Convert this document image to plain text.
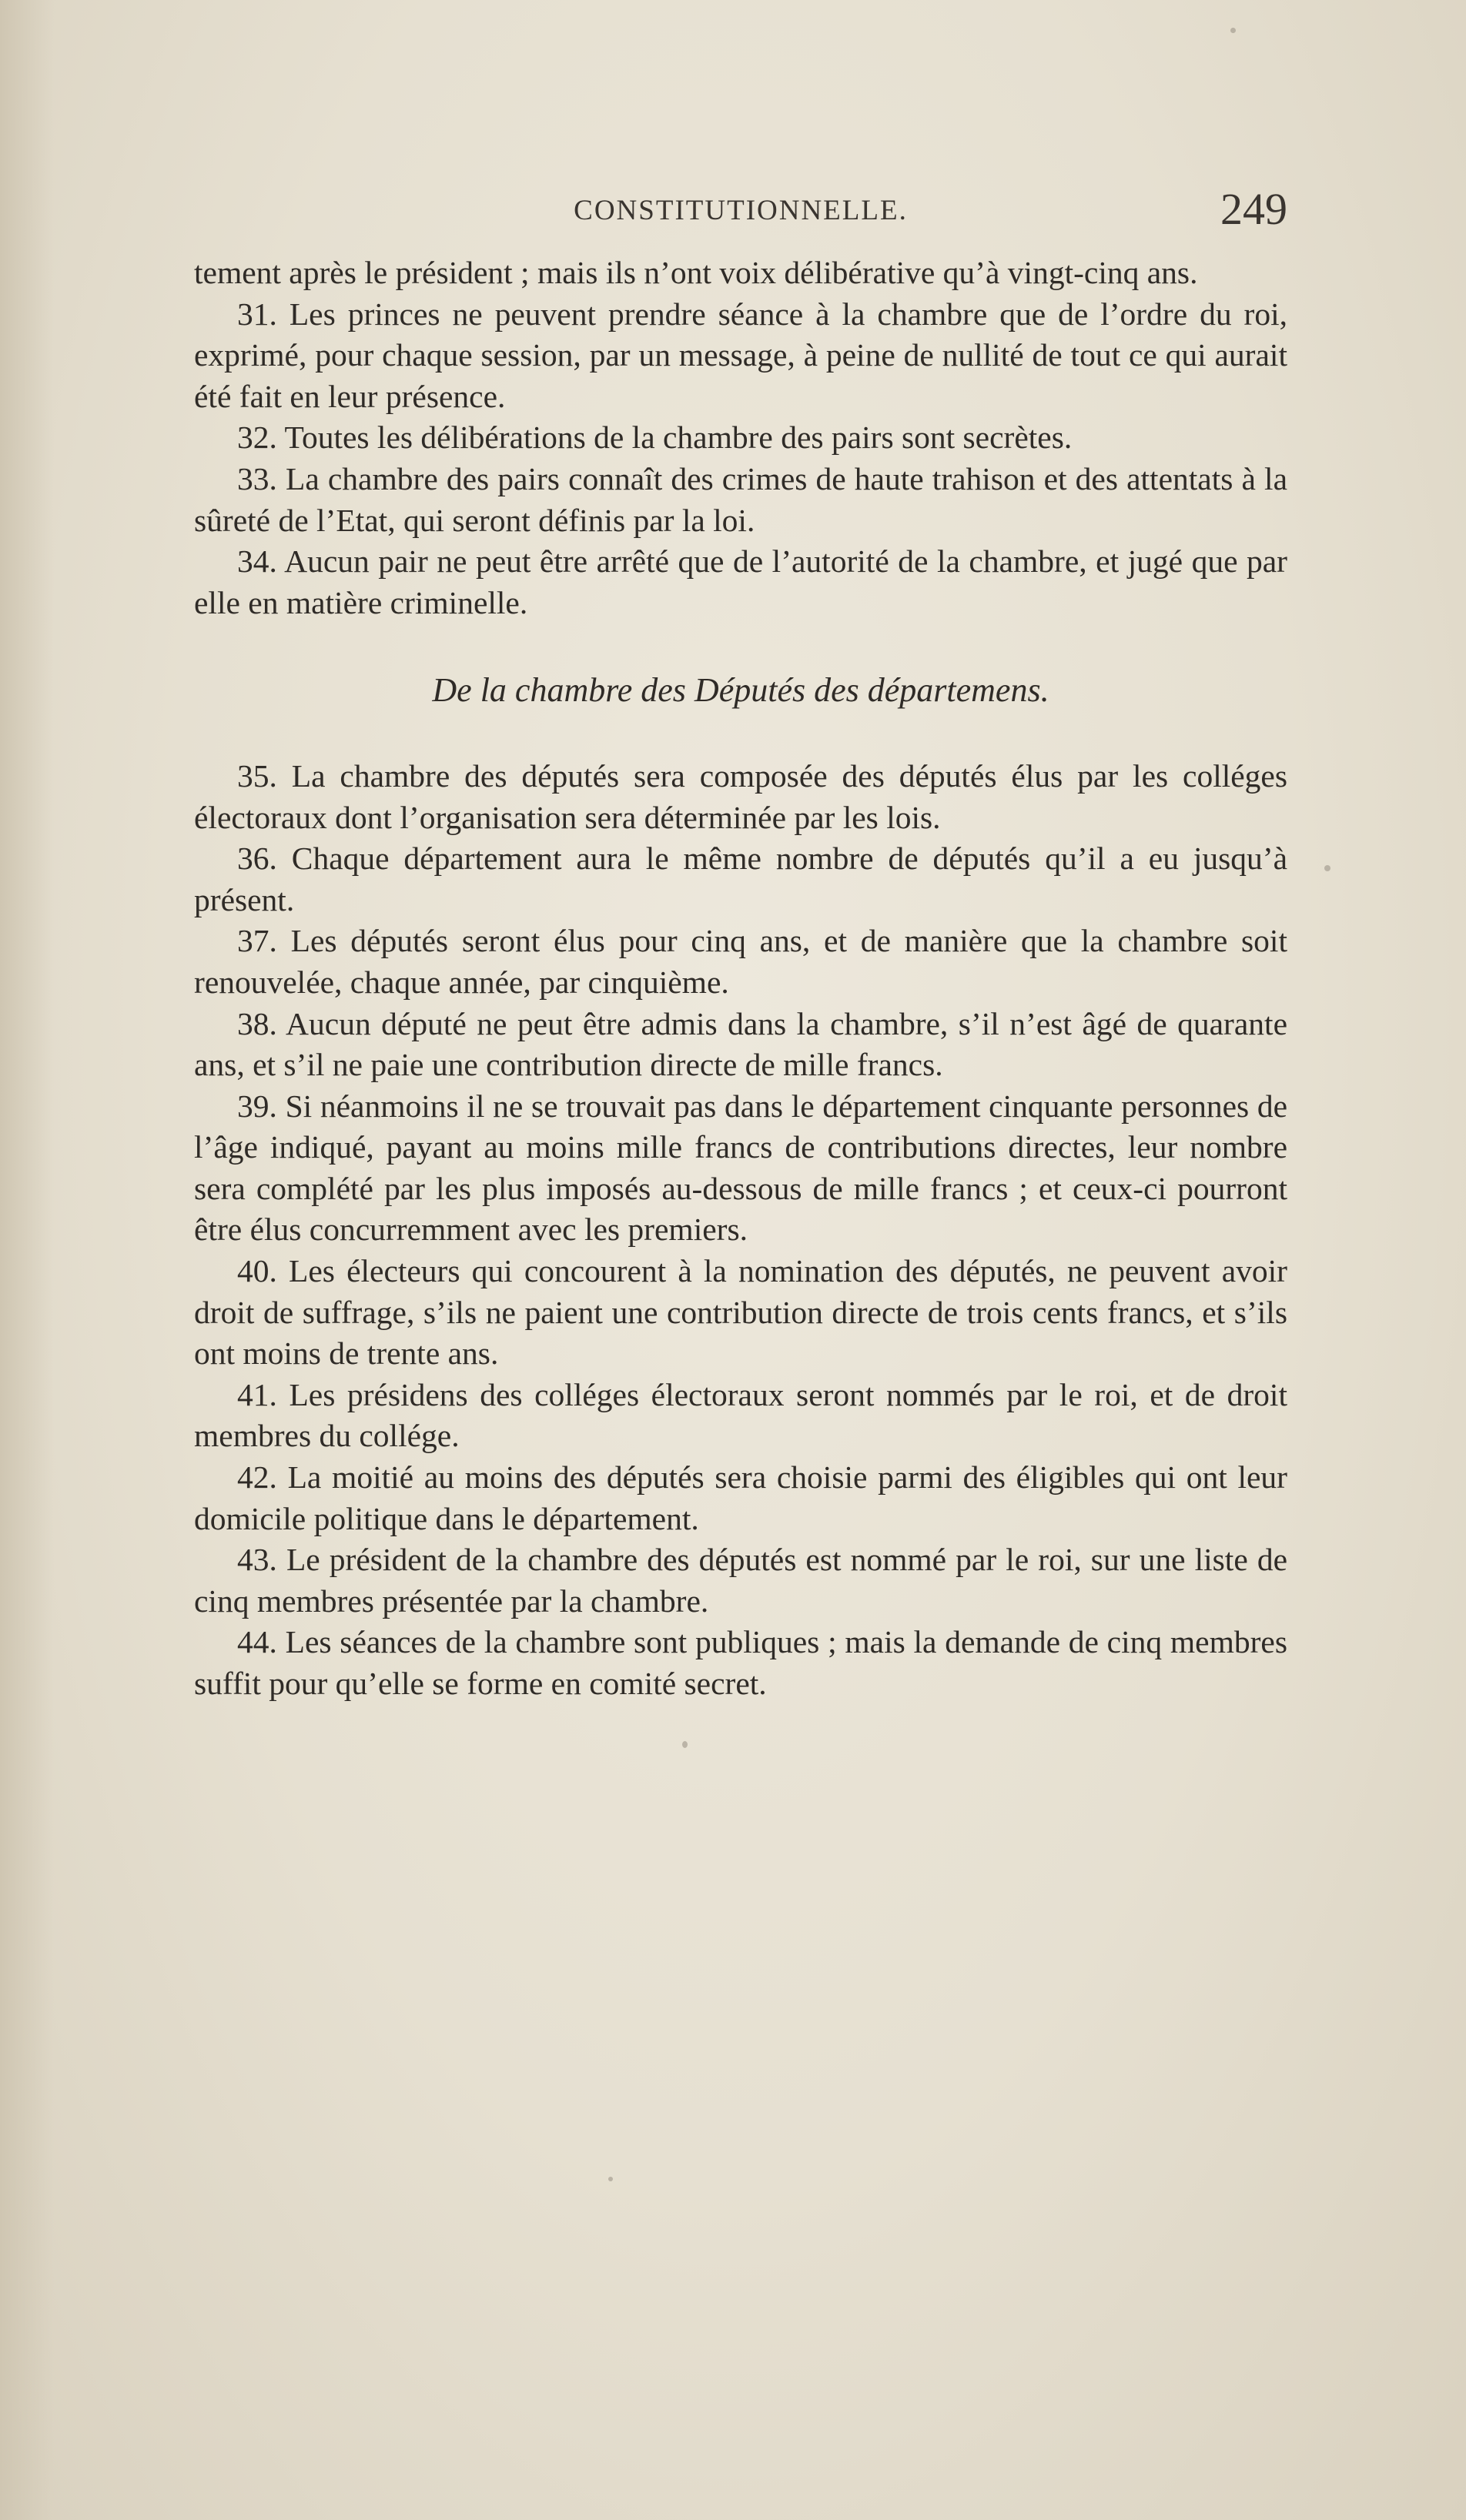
CONSTITUTIONNELLE.	249

tement après le président ; mais ils n’ont voix délibérative qu’à vingt-cinq ans.

31. Les princes ne peuvent prendre séance à la chambre que de l’ordre du roi, exprimé, pour chaque session, par un message, à peine de nullité de tout ce qui aurait été fait en leur présence.

32. Toutes les délibérations de la chambre des pairs sont secrètes.

33. La chambre des pairs connaît des crimes de haute trahison et des attentats à la sûreté de l’Etat, qui seront définis par la loi.

34. Aucun pair ne peut être arrêté que de l’autorité de la chambre, et jugé que par elle en matière criminelle.

De la chambre des Députés des départemens.

35. La chambre des députés sera composée des députés élus par les colléges électoraux dont l’organisation sera déterminée par les lois.

36. Chaque département aura le même nombre de députés qu’il a eu jusqu’à présent.

37. Les députés seront élus pour cinq ans, et de manière que la chambre soit renouvelée, chaque année, par cinquième.

38. Aucun député ne peut être admis dans la chambre, s’il n’est âgé de quarante ans, et s’il ne paie une contribution directe de mille francs.

39. Si néanmoins il ne se trouvait pas dans le département cinquante personnes de l’âge indiqué, payant au moins mille francs de contributions directes, leur nombre sera complété par les plus imposés au-dessous de mille francs ; et ceux-ci pourront être élus concurremment avec les premiers.

40. Les électeurs qui concourent à la nomination des députés, ne peuvent avoir droit de suffrage, s’ils ne paient une contribution directe de trois cents francs, et s’ils ont moins de trente ans.

41. Les présidens des colléges électoraux seront nommés par le roi, et de droit membres du collége.

42. La moitié au moins des députés sera choisie parmi des éligibles qui ont leur domicile politique dans le département.

43. Le président de la chambre des députés est nommé par le roi, sur une liste de cinq membres présentée par la chambre.

44. Les séances de la chambre sont publiques ; mais la demande de cinq membres suffit pour qu’elle se forme en comité secret.
